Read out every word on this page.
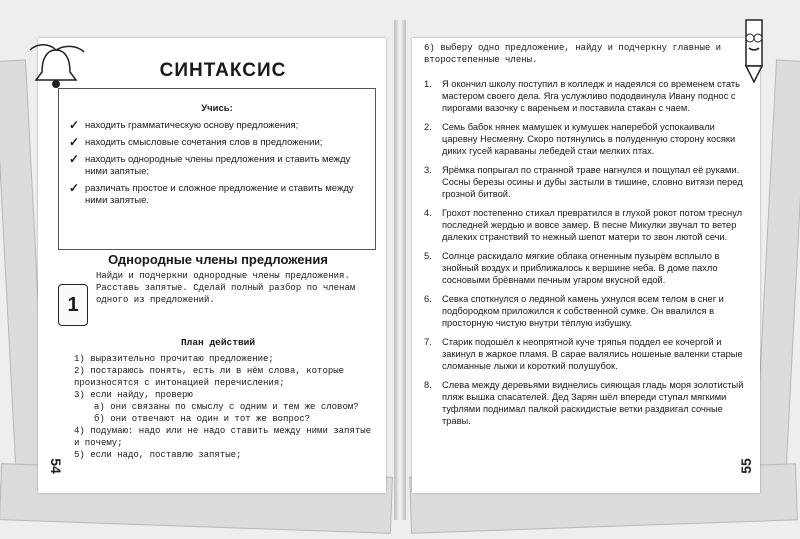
СИНТАКСИС
Учись:
✓ находить грамматическую основу предложения;
✓ находить смысловые сочетания слов в предложении;
✓ находить однородные члены предложения и ставить между ними запятые;
✓ различать простое и сложное предложение и ставить между ними запятые.
Однородные члены предложения
1
Найди и подчеркни однородные члены предложения. Расставь запятые. Сделай полный разбор по членам одного из предложений.
План действий
1) выразительно прочитаю предложение;
2) постараюсь понять, есть ли в нём слова, которые произносятся с интонацией перечисления;
3) если найду, проверю
а) они связаны по смыслу с одним и тем же словом?
б) они отвечают на один и тот же вопрос?
4) подумаю: надо или не надо ставить между ними запятые и почему;
5) если надо, поставлю запятые;
54
6) выберу одно предложение, найду и подчеркну главные и второстепенные члены.
1. Я окончил школу поступил в колледж и надеялся со временем стать мастером своего дела. Яга услужливо пододвинула Ивану поднос с пирогами вазочку с вареньем и поставила стакан с чаем.
2. Семь бабок нянек мамушек и кумушек наперебой успокаивали царевну Несмеяну. Скоро потянулись в полуденную сторону косяки диких гусей караваны лебедей стаи мелких птах.
3. Ярёмка попрыгал по странной траве нагнулся и пощупал её руками. Сосны березы осины и дубы застыли в тишине, словно витязи перед грозной битвой.
4. Грохот постепенно стихал превратился в глухой рокот потом треснул последней жердью и вовсе замер. В песне Микулки звучал то ветер далеких странствий то нежный шепот матери то звон лютой сечи.
5. Солнце раскидало мягкие облака огненным пузырём всплыло в знойный воздух и приближалось к вершине неба. В доме пахло сосновыми брёвнами печным угаром вкусной едой.
6. Севка споткнулся о ледяной камень ухнулся всем телом в снег и подбородком приложился к собственной сумке. Он ввалился в просторную чистую внутри тёплую избушку.
7. Старик подошёл к неопрятной куче тряпья поддел ее кочергой и закинул в жаркое пламя. В сарае валялись ношеные валенки старые сломанные лыжи и короткий полушубок.
8. Слева между деревьями виднелись сияющая гладь моря золотистый пляж вышка спасателей. Дед Зарян шёл впереди ступал мягкими туфлями поднимал палкой раскидистые ветки раздвигал сочные травы.
55
